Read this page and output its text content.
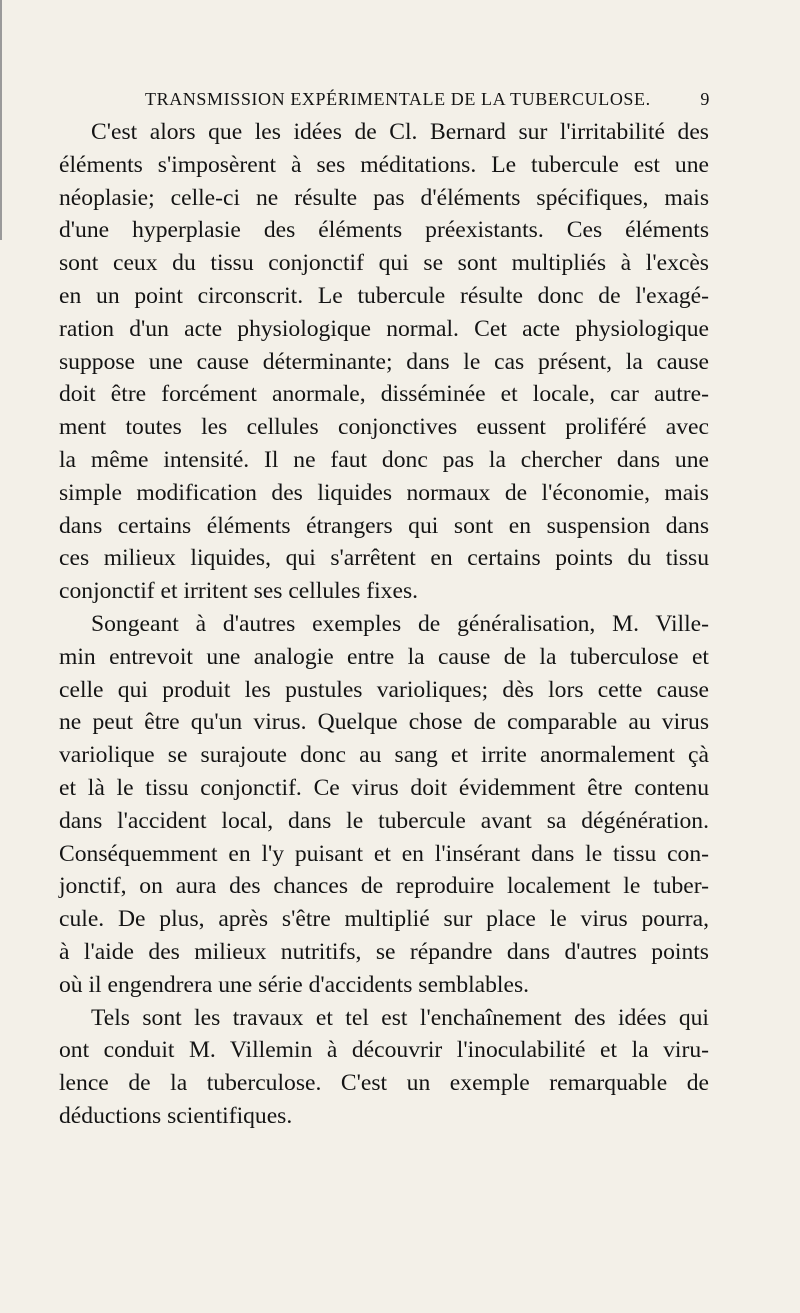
TRANSMISSION EXPÉRIMENTALE DE LA TUBERCULOSE.	9

C'est alors que les idées de Cl. Bernard sur l'irritabilité des
éléments s'imposèrent à ses méditations. Le tubercule est une
néoplasie; celle-ci ne résulte pas d'éléments spécifiques, mais
d'une hyperplasie des éléments préexistants. Ces éléments
sont ceux du tissu conjonctif qui se sont multipliés à l'excès
en un point circonscrit. Le tubercule résulte donc de l'exagé-
ration d'un acte physiologique normal. Cet acte physiologique
suppose une cause déterminante; dans le cas présent, la cause
doit être forcément anormale, disséminée et locale, car autre-
ment toutes les cellules conjonctives eussent proliféré avec
la même intensité. Il ne faut donc pas la chercher dans une
simple modification des liquides normaux de l'économie, mais
dans certains éléments étrangers qui sont en suspension dans
ces milieux liquides, qui s'arrêtent en certains points du tissu
conjonctif et irritent ses cellules fixes.

Songeant à d'autres exemples de généralisation, M. Ville-
min entrevoit une analogie entre la cause de la tuberculose et
celle qui produit les pustules varioliques; dès lors cette cause
ne peut être qu'un virus. Quelque chose de comparable au virus
variolique se surajoute donc au sang et irrite anormalement çà
et là le tissu conjonctif. Ce virus doit évidemment être contenu
dans l'accident local, dans le tubercule avant sa dégénération.
Conséquemment en l'y puisant et en l'insérant dans le tissu con-
jonctif, on aura des chances de reproduire localement le tuber-
cule. De plus, après s'être multiplié sur place le virus pourra,
à l'aide des milieux nutritifs, se répandre dans d'autres points
où il engendrera une série d'accidents semblables.

Tels sont les travaux et tel est l'enchaînement des idées qui
ont conduit M. Villemin à découvrir l'inoculabilité et la viru-
lence de la tuberculose. C'est un exemple remarquable de
déductions scientifiques.
